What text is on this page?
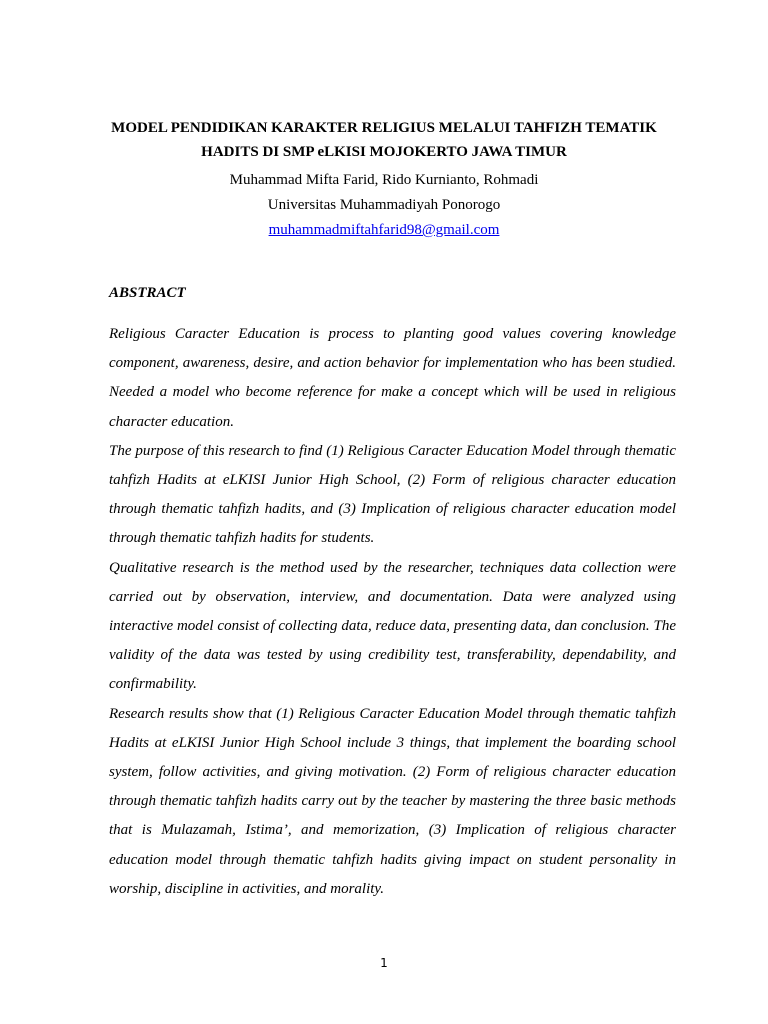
MODEL PENDIDIKAN KARAKTER RELIGIUS MELALUI TAHFIZH TEMATIK
HADITS DI SMP eLKISI MOJOKERTO JAWA TIMUR
Muhammad Mifta Farid, Rido Kurnianto, Rohmadi
Universitas Muhammadiyah Ponorogo
muhammadmiftahfarid98@gmail.com
ABSTRACT

Religious Caracter Education is process to planting good values covering knowledge component, awareness, desire, and action behavior for implementation who has been studied. Needed a model who become reference for make a concept which will be used in religious character education.

The purpose of this research to find (1) Religious Caracter Education Model through thematic tahfizh Hadits at eLKISI Junior High School, (2) Form of religious character education through thematic tahfizh hadits, and (3) Implication of religious character education model through thematic tahfizh hadits for students.

Qualitative research is the method used by the researcher, techniques data collection were carried out by observation, interview, and documentation. Data were analyzed using interactive model consist of collecting data, reduce data, presenting data, dan conclusion. The validity of the data was tested by using credibility test, transferability, dependability, and confirmability.

Research results show that (1) Religious Caracter Education Model through thematic tahfizh Hadits at eLKISI Junior High School include 3 things, that implement the boarding school system, follow activities, and giving motivation. (2) Form of religious character education through thematic tahfizh hadits carry out by the teacher by mastering the three basic methods that is Mulazamah, Istima’, and memorization, (3) Implication of religious character education model through thematic tahfizh hadits giving impact on student personality in worship, discipline in activities, and morality.

1
